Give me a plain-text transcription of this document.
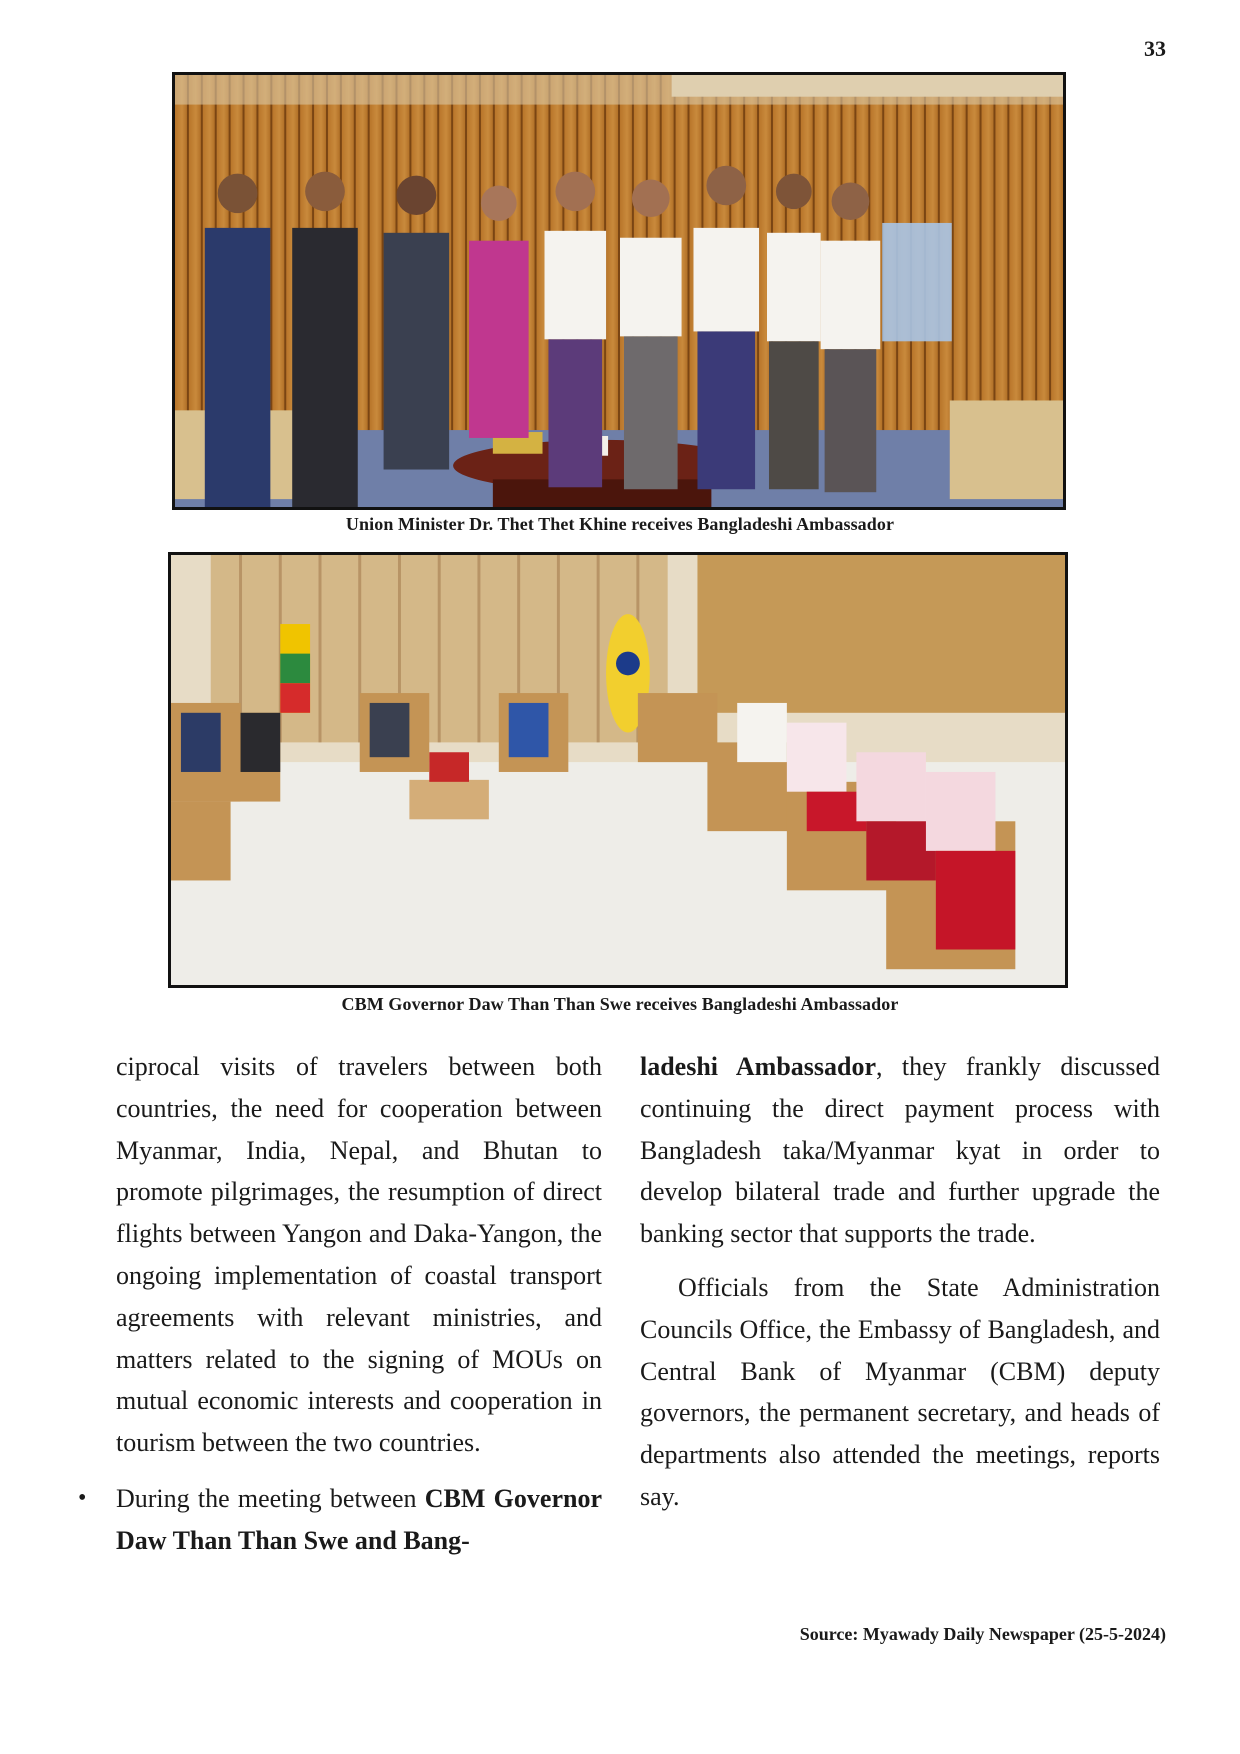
33
Union Minister Dr. Thet Thet Khine receives Bangladeshi Ambassador
CBM Governor Daw Than Than Swe receives Bangladeshi Ambassador

ciprocal visits of travelers between both countries, the need for cooperation between Myanmar, India, Nepal, and Bhutan to promote pilgrimages, the resumption of direct flights between Yangon and Daka-Yangon, the ongoing implementation of coastal transport agreements with relevant ministries, and matters related to the signing of MOUs on mutual economic interests and cooperation in tourism between the two countries.

• During the meeting between CBM Governor Daw Than Than Swe and Bang-

ladeshi Ambassador, they frankly discussed continuing the direct payment process with Bangladesh taka/Myanmar kyat in order to develop bilateral trade and further upgrade the banking sector that supports the trade.

Officials from the State Administration Councils Office, the Embassy of Bangladesh, and Central Bank of Myanmar (CBM) deputy governors, the permanent secretary, and heads of departments also attended the meetings, reports say.

Source: Myawady Daily Newspaper (25-5-2024)
